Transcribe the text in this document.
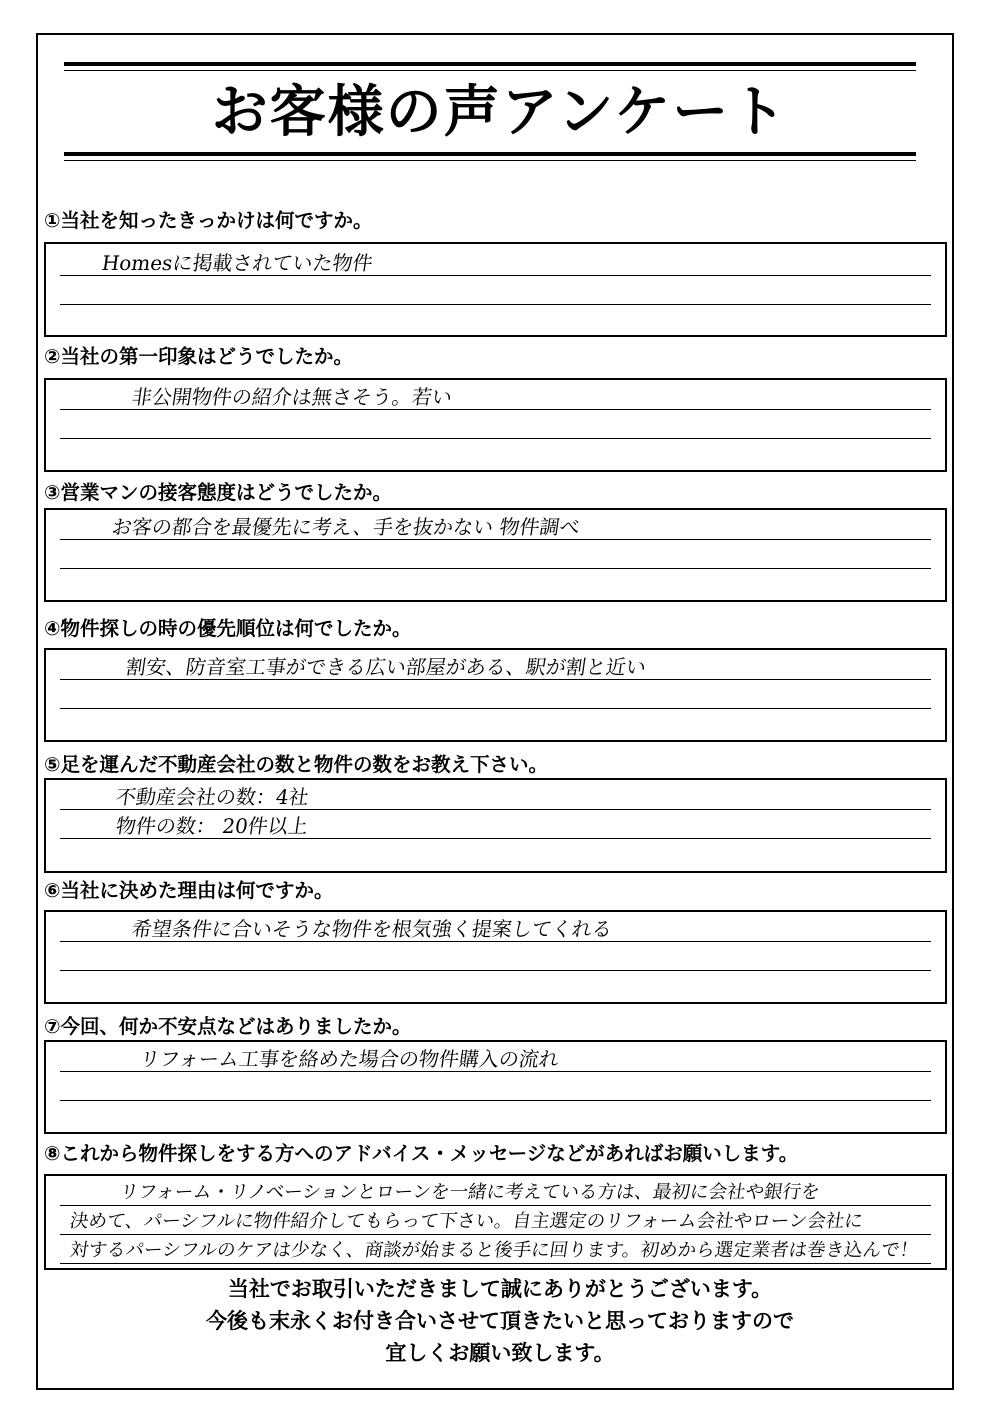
お客様の声アンケート
①当社を知ったきっかけは何ですか。
Homesに掲載されていた物件
②当社の第一印象はどうでしたか。
非公開物件の紹介は無さそう。若い
③営業マンの接客態度はどうでしたか。
お客の都合を最優先に考え、手を抜かない 物件調べ
④物件探しの時の優先順位は何でしたか。
割安、防音室工事ができる広い部屋がある、駅が割と近い
⑤足を運んだ不動産会社の数と物件の数をお教え下さい。
不動産会社の数：4社
物件の数： 20件以上
⑥当社に決めた理由は何ですか。
希望条件に合いそうな物件を根気強く提案してくれる
⑦今回、何か不安点などはありましたか。
リフォーム工事を絡めた場合の物件購入の流れ
⑧これから物件探しをする方へのアドバイス・メッセージなどがあればお願いします。
リフォーム・リノベーションとローンを一緒に考えている方は、最初に会社や銀行を
決めて、パーシフルに物件紹介してもらって下さい。自主選定のリフォーム会社やローン会社に
対するパーシフルのケアは少なく、商談が始まると後手に回ります。初めから選定業者は巻き込んで！
当社でお取引いただきまして誠にありがとうございます。
今後も末永くお付き合いさせて頂きたいと思っておりますので
宜しくお願い致します。
